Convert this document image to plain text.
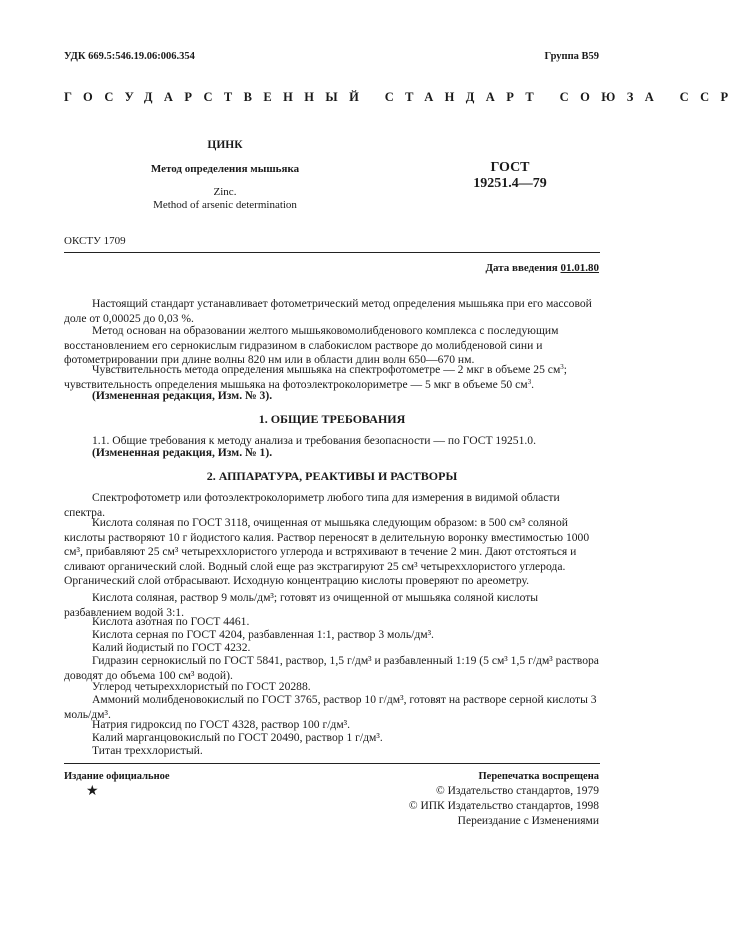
УДК 669.5:546.19.06:006.354	Группа В59
ГОСУДАРСТВЕННЫЙ СТАНДАРТ СОЮЗА ССР
ЦИНК
Метод определения мышьяка
Zinc.
Method of arsenic determination
ГОСТ
19251.4—79
ОКСТУ 1709
Дата введения 01.01.80
Настоящий стандарт устанавливает фотометрический метод определения мышьяка при его массовой доле от 0,00025 до 0,03 %.
Метод основан на образовании желтого мышьяковомолибденового комплекса с последующим восстановлением его сернокислым гидразином в слабокислом растворе до молибденовой сини и фотометрировании при длине волны 820 нм или в области длин волн 650—670 нм.
Чувствительность метода определения мышьяка на спектрофотометре — 2 мкг в объеме 25 $см^3$; чувствительность определения мышьяка на фотоэлектроколориметре — 5 мкг в объеме 50 $см^3$.
(Измененная редакция, Изм. № 3).
1. ОБЩИЕ ТРЕБОВАНИЯ
1.1. Общие требования к методу анализа и требования безопасности — по ГОСТ 19251.0.
(Измененная редакция, Изм. № 1).
2. АППАРАТУРА, РЕАКТИВЫ И РАСТВОРЫ
Спектрофотометр или фотоэлектроколориметр любого типа для измерения в видимой области спектра.
Кислота соляная по ГОСТ 3118, очищенная от мышьяка следующим образом: в 500 см³ соляной кислоты растворяют 10 г йодистого калия. Раствор переносят в делительную воронку вместимостью 1000 см³, прибавляют 25 см³ четыреххлористого углерода и встряхивают в течение 2 мин. Дают отстояться и сливают органический слой. Водный слой еще раз экстрагируют 25 см³ четыреххлористого углерода. Органический слой отбрасывают. Исходную концентрацию кислоты проверяют по ареометру.
Кислота соляная, раствор 9 моль/дм³; готовят из очищенной от мышьяка соляной кислоты разбавлением водой 3:1.
Кислота азотная по ГОСТ 4461.
Кислота серная по ГОСТ 4204, разбавленная 1:1, раствор 3 моль/дм³.
Калий йодистый по ГОСТ 4232.
Гидразин сернокислый по ГОСТ 5841, раствор, 1,5 г/дм³ и разбавленный 1:19 (5 см³ 1,5 г/дм³ раствора доводят до объема 100 см³ водой).
Углерод четыреххлористый по ГОСТ 20288.
Аммоний молибденовокислый по ГОСТ 3765, раствор 10 г/дм³, готовят на растворе серной кислоты 3 моль/дм³.
Натрия гидроксид по ГОСТ 4328, раствор 100 г/дм³.
Калий марганцовокислый по ГОСТ 20490, раствор 1 г/дм³.
Титан треххлористый.
Издание официальное
★
Перепечатка воспрещена
© Издательство стандартов, 1979
© ИПК Издательство стандартов, 1998
Переиздание с Изменениями
